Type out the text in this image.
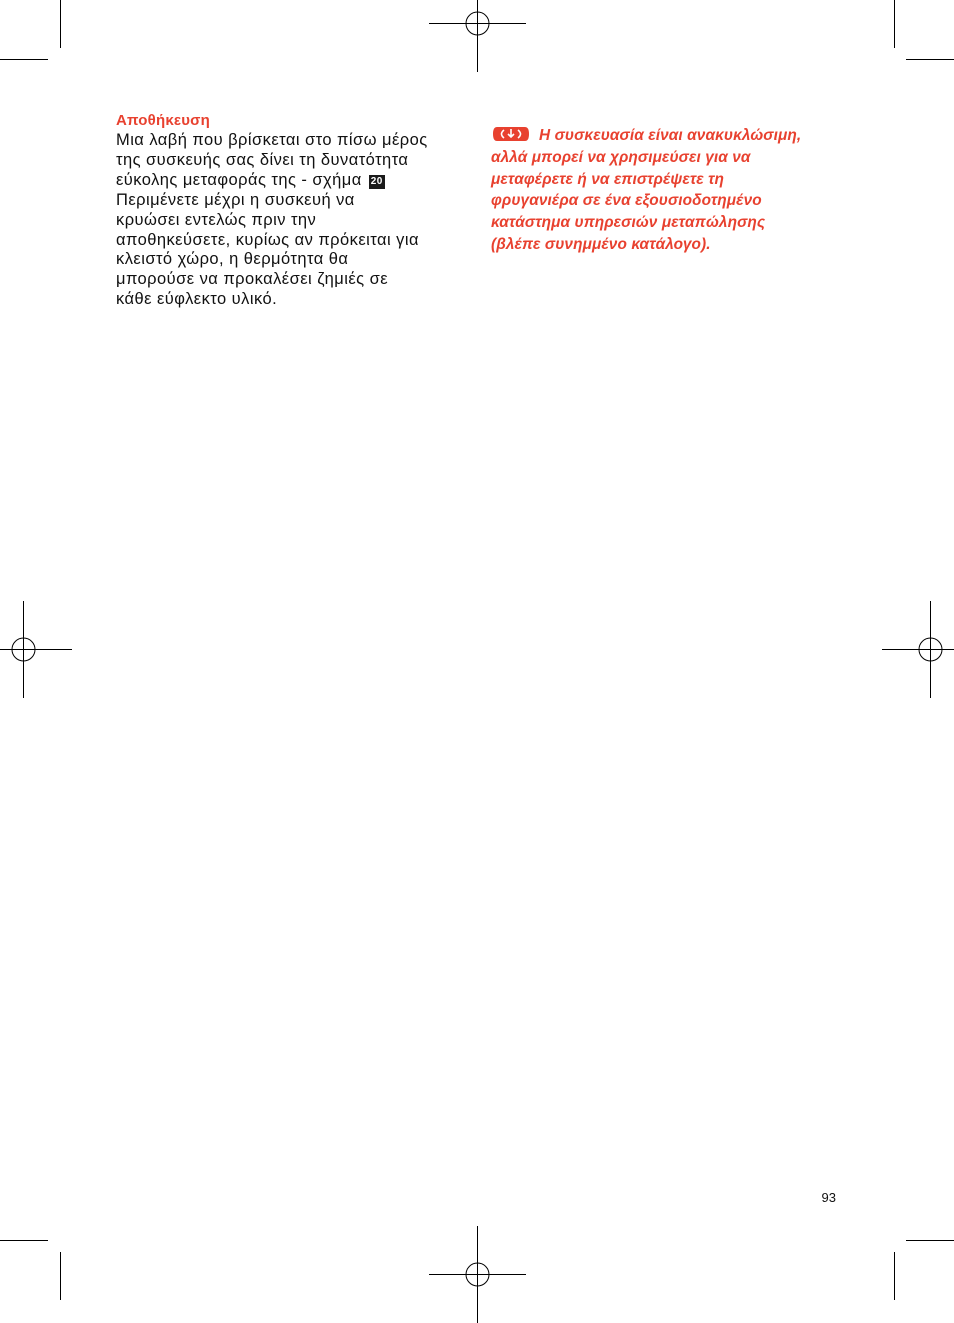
Αποθήκευση

Μια λαβή που βρίσκεται στο πίσω μέρος
της συσκευής σας δίνει τη δυνατότητα
εύκολης μεταφοράς της - σχήμα 20
Περιμένετε μέχρι η συσκευή να
κρυώσει εντελώς πριν την
αποθηκεύσετε, κυρίως αν πρόκειται για
κλειστό χώρο, η θερμότητα θα
μπορούσε να προκαλέσει ζημιές σε
κάθε εύφλεκτο υλικό.

Η συσκευασία είναι ανακυκλώσιμη,
αλλά μπορεί να χρησιμεύσει για να
μεταφέρετε ή να επιστρέψετε τη
φρυγανιέρα σε ένα εξουσιοδοτημένο
κατάστημα υπηρεσιών μεταπώλησης
(βλέπε συνημμένο κατάλογο).

93
